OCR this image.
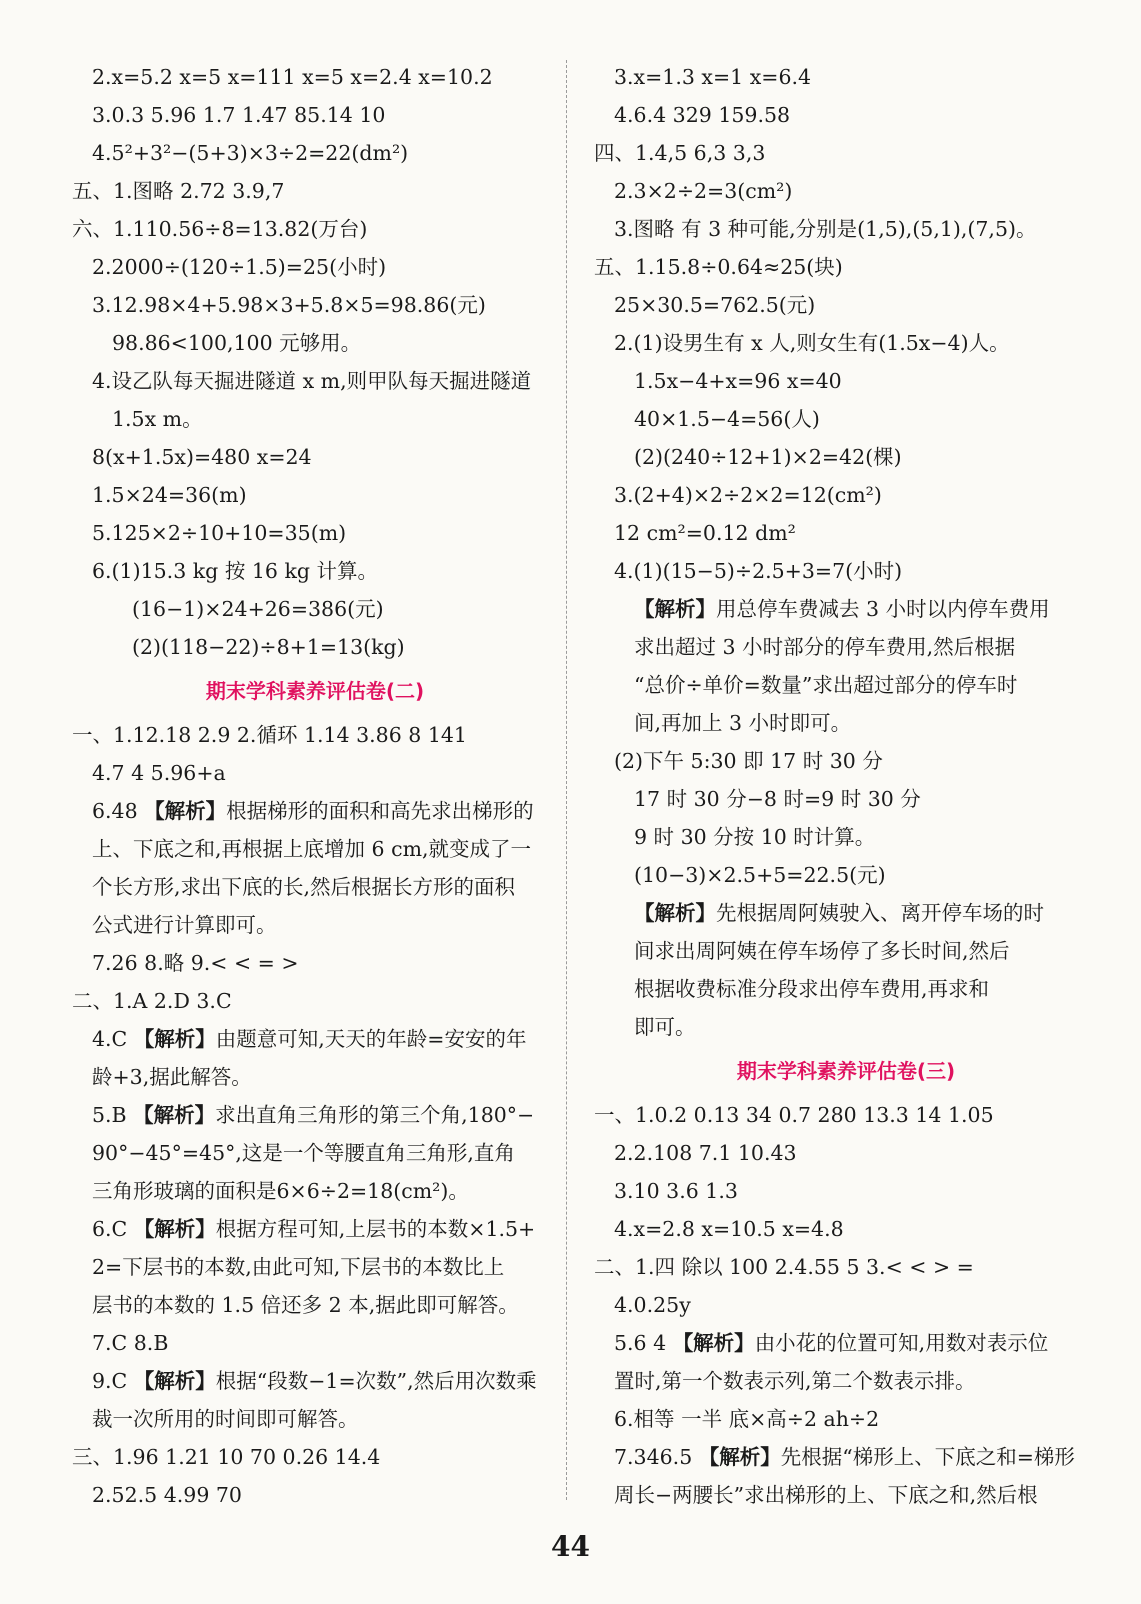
2.x=5.2 x=5 x=111 x=5 x=2.4 x=10.2
3.0.3 5.96 1.7 1.47 85.14 10
4.5²+3²−(5+3)×3÷2=22(dm²)
五、1.图略 2.72 3.9,7
六、1.110.56÷8=13.82(万台)
2.2000÷(120÷1.5)=25(小时)
3.12.98×4+5.98×3+5.8×5=98.86(元)
98.86<100,100 元够用。
4.设乙队每天掘进隧道 x m,则甲队每天掘进隧道
1.5x m。
8(x+1.5x)=480 x=24
1.5×24=36(m)
5.125×2÷10+10=35(m)
6.(1)15.3 kg 按 16 kg 计算。
(16−1)×24+26=386(元)
(2)(118−22)÷8+1=13(kg)
期末学科素养评估卷(二)
一、1.12.18 2.9 2.循环 1.14 3.86 8 141
4.7 4 5.96+a
6.48 【解析】根据梯形的面积和高先求出梯形的
上、下底之和,再根据上底增加 6 cm,就变成了一
个长方形,求出下底的长,然后根据长方形的面积
公式进行计算即可。
7.26 8.略 9.< < = >
二、1.A 2.D 3.C
4.C 【解析】由题意可知,天天的年龄=安安的年
龄+3,据此解答。
5.B 【解析】求出直角三角形的第三个角,180°−
90°−45°=45°,这是一个等腰直角三角形,直角
三角形玻璃的面积是6×6÷2=18(cm²)。
6.C 【解析】根据方程可知,上层书的本数×1.5+
2=下层书的本数,由此可知,下层书的本数比上
层书的本数的 1.5 倍还多 2 本,据此即可解答。
7.C 8.B
9.C 【解析】根据“段数−1=次数”,然后用次数乘
裁一次所用的时间即可解答。
三、1.96 1.21 10 70 0.26 14.4
2.52.5 4.99 70
3.x=1.3 x=1 x=6.4
4.6.4 329 159.58
四、1.4,5 6,3 3,3
2.3×2÷2=3(cm²)
3.图略 有 3 种可能,分别是(1,5),(5,1),(7,5)。
五、1.15.8÷0.64≈25(块)
25×30.5=762.5(元)
2.(1)设男生有 x 人,则女生有(1.5x−4)人。
1.5x−4+x=96 x=40
40×1.5−4=56(人)
(2)(240÷12+1)×2=42(棵)
3.(2+4)×2÷2×2=12(cm²)
12 cm²=0.12 dm²
4.(1)(15−5)÷2.5+3=7(小时)
【解析】用总停车费减去 3 小时以内停车费用
求出超过 3 小时部分的停车费用,然后根据
“总价÷单价=数量”求出超过部分的停车时
间,再加上 3 小时即可。
(2)下午 5:30 即 17 时 30 分
17 时 30 分−8 时=9 时 30 分
9 时 30 分按 10 时计算。
(10−3)×2.5+5=22.5(元)
【解析】先根据周阿姨驶入、离开停车场的时
间求出周阿姨在停车场停了多长时间,然后
根据收费标准分段求出停车费用,再求和
即可。
期末学科素养评估卷(三)
一、1.0.2 0.13 34 0.7 280 13.3 14 1.05
2.2.108 7.1 10.43
3.10 3.6 1.3
4.x=2.8 x=10.5 x=4.8
二、1.四 除以 100 2.4.55 5 3.< < > =
4.0.25y
5.6 4 【解析】由小花的位置可知,用数对表示位
置时,第一个数表示列,第二个数表示排。
6.相等 一半 底×高÷2 ah÷2
7.346.5 【解析】先根据“梯形上、下底之和=梯形
周长−两腰长”求出梯形的上、下底之和,然后根
44
